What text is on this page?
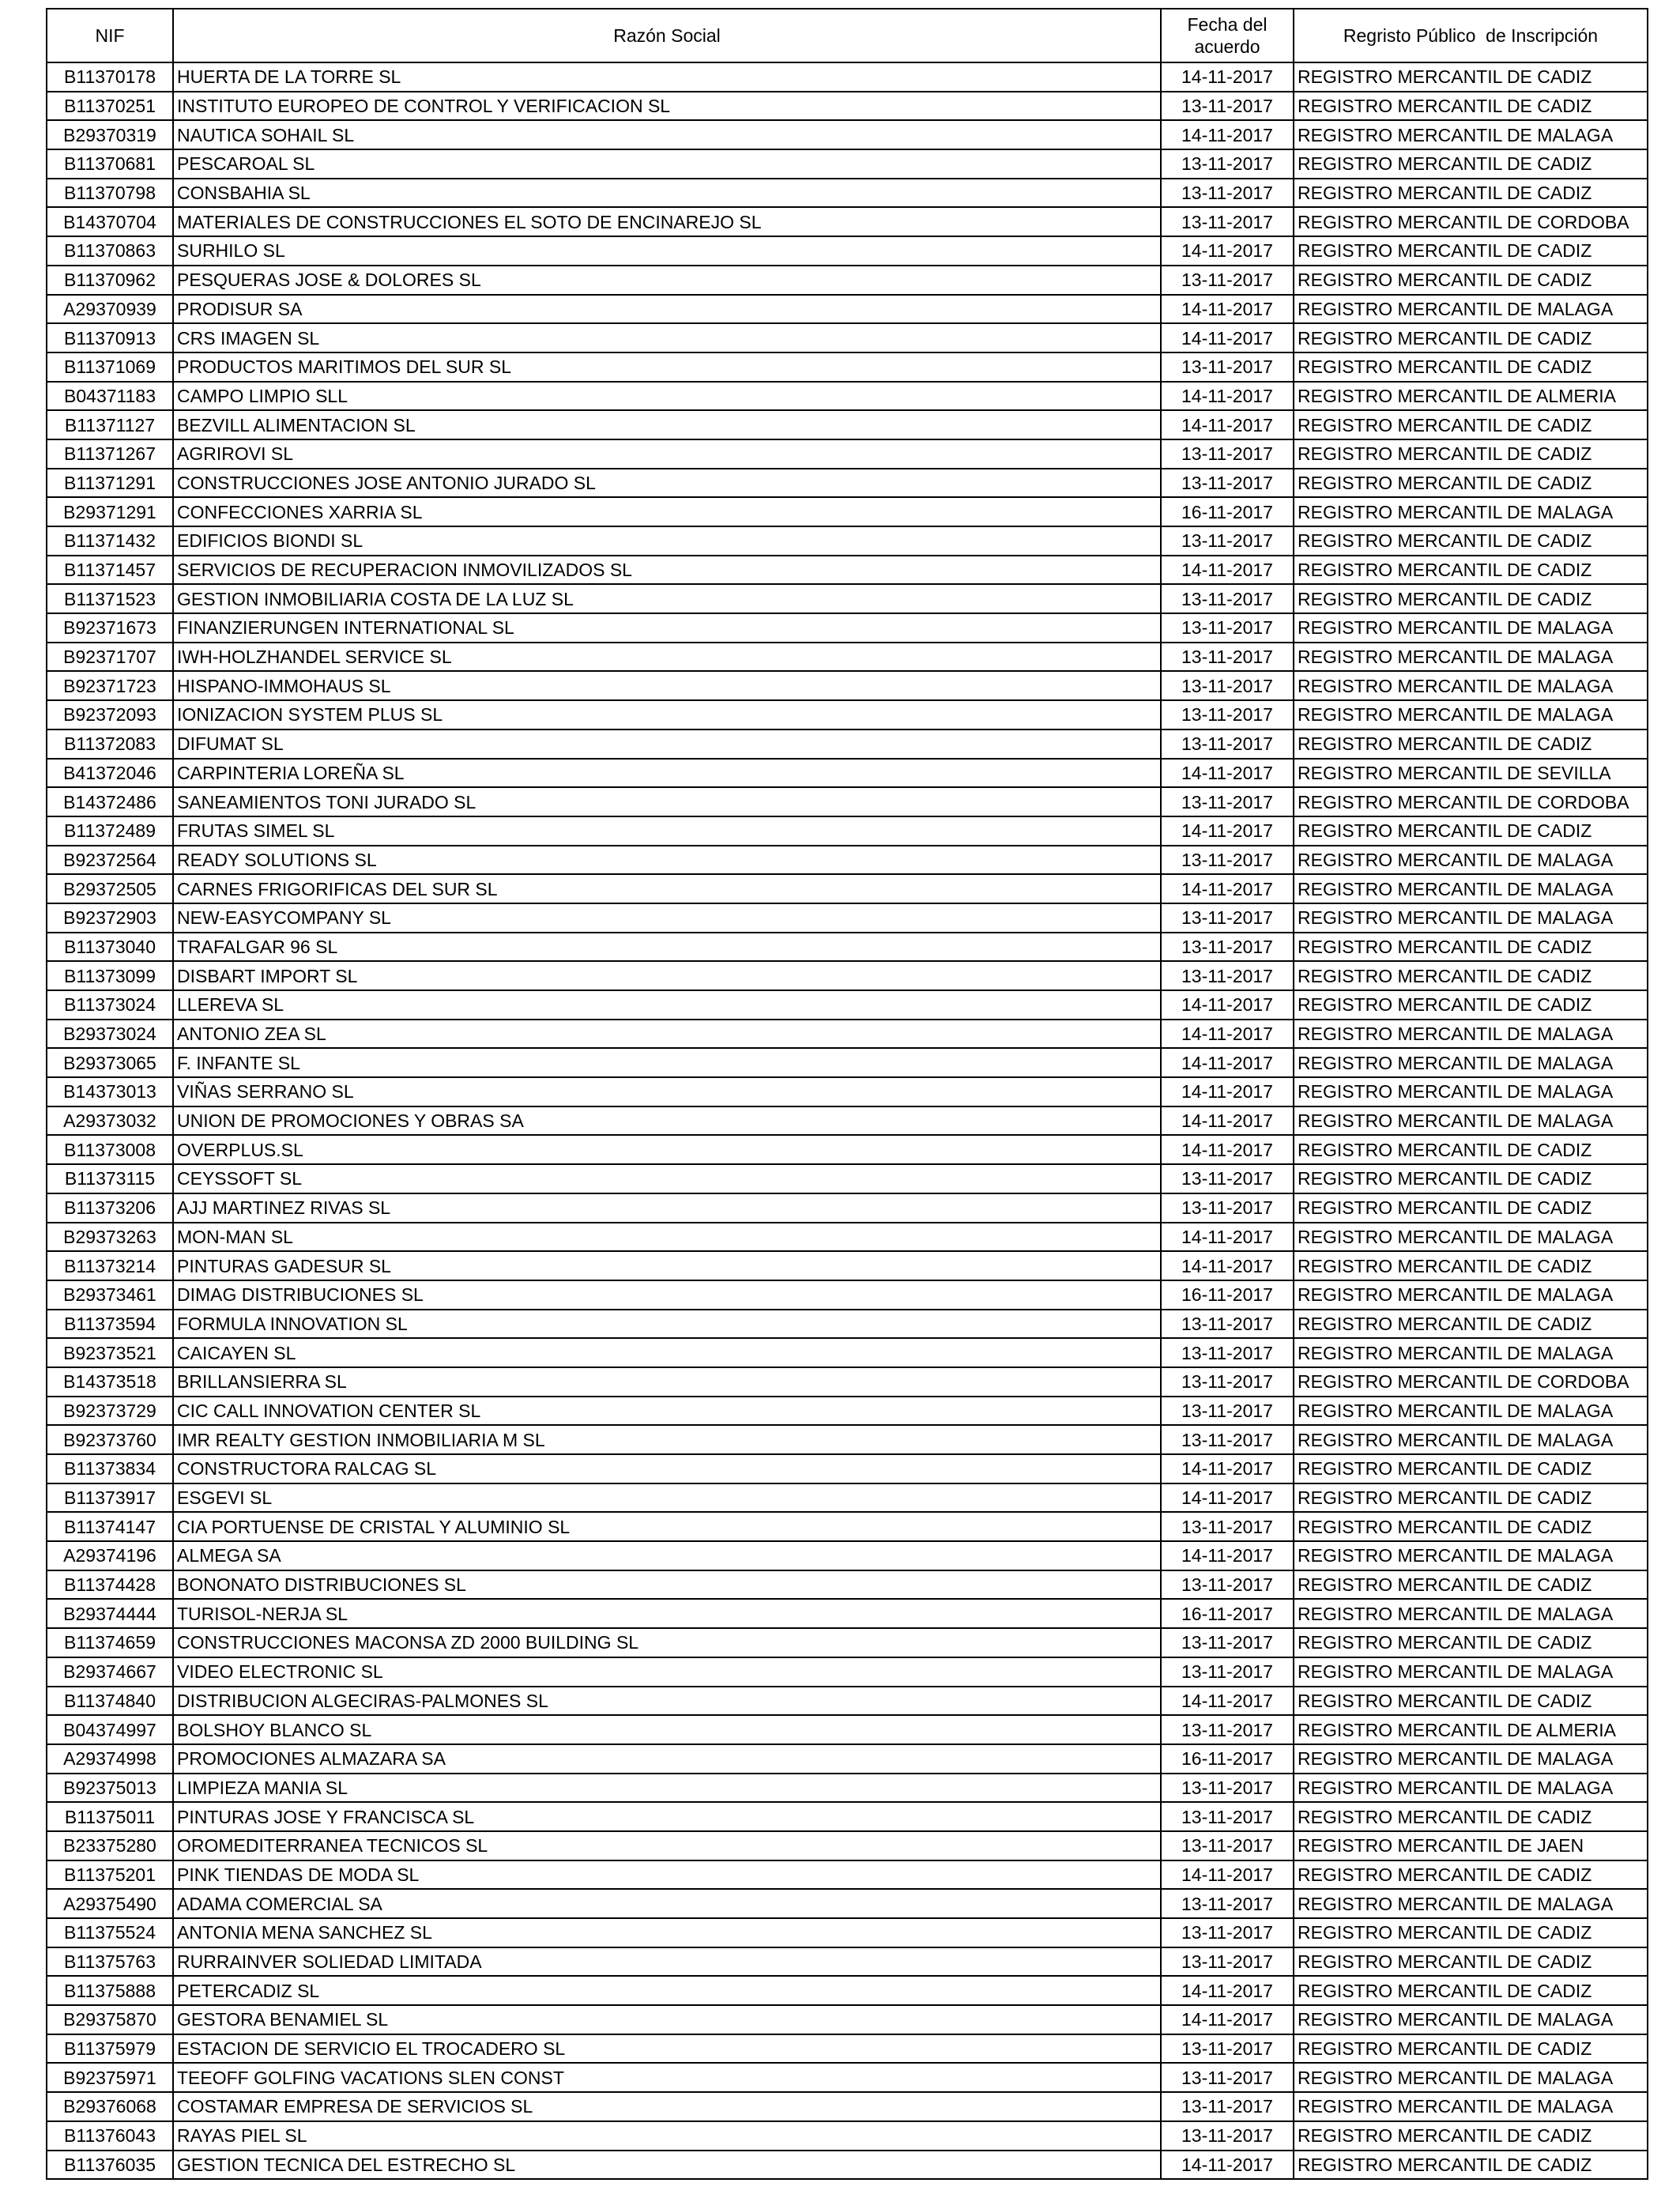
NIF	Razón Social	Fecha del acuerdo	Regristo Público  de Inscripción
B11370178	HUERTA DE LA TORRE SL	14-11-2017	REGISTRO MERCANTIL DE CADIZ
B11370251	INSTITUTO EUROPEO DE CONTROL Y VERIFICACION SL	13-11-2017	REGISTRO MERCANTIL DE CADIZ
B29370319	NAUTICA SOHAIL SL	14-11-2017	REGISTRO MERCANTIL DE MALAGA
B11370681	PESCAROAL SL	13-11-2017	REGISTRO MERCANTIL DE CADIZ
B11370798	CONSBAHIA SL	13-11-2017	REGISTRO MERCANTIL DE CADIZ
B14370704	MATERIALES DE CONSTRUCCIONES EL SOTO DE ENCINAREJO SL	13-11-2017	REGISTRO MERCANTIL DE CORDOBA
B11370863	SURHILO SL	14-11-2017	REGISTRO MERCANTIL DE CADIZ
B11370962	PESQUERAS JOSE & DOLORES SL	13-11-2017	REGISTRO MERCANTIL DE CADIZ
A29370939	PRODISUR SA	14-11-2017	REGISTRO MERCANTIL DE MALAGA
B11370913	CRS IMAGEN SL	14-11-2017	REGISTRO MERCANTIL DE CADIZ
B11371069	PRODUCTOS MARITIMOS DEL SUR SL	13-11-2017	REGISTRO MERCANTIL DE CADIZ
B04371183	CAMPO LIMPIO SLL	14-11-2017	REGISTRO MERCANTIL DE ALMERIA
B11371127	BEZVILL ALIMENTACION SL	14-11-2017	REGISTRO MERCANTIL DE CADIZ
B11371267	AGRIROVI SL	13-11-2017	REGISTRO MERCANTIL DE CADIZ
B11371291	CONSTRUCCIONES JOSE ANTONIO JURADO SL	13-11-2017	REGISTRO MERCANTIL DE CADIZ
B29371291	CONFECCIONES XARRIA SL	16-11-2017	REGISTRO MERCANTIL DE MALAGA
B11371432	EDIFICIOS BIONDI SL	13-11-2017	REGISTRO MERCANTIL DE CADIZ
B11371457	SERVICIOS DE RECUPERACION INMOVILIZADOS SL	14-11-2017	REGISTRO MERCANTIL DE CADIZ
B11371523	GESTION INMOBILIARIA COSTA DE LA LUZ SL	13-11-2017	REGISTRO MERCANTIL DE CADIZ
B92371673	FINANZIERUNGEN INTERNATIONAL SL	13-11-2017	REGISTRO MERCANTIL DE MALAGA
B92371707	IWH-HOLZHANDEL SERVICE SL	13-11-2017	REGISTRO MERCANTIL DE MALAGA
B92371723	HISPANO-IMMOHAUS SL	13-11-2017	REGISTRO MERCANTIL DE MALAGA
B92372093	IONIZACION SYSTEM PLUS SL	13-11-2017	REGISTRO MERCANTIL DE MALAGA
B11372083	DIFUMAT SL	13-11-2017	REGISTRO MERCANTIL DE CADIZ
B41372046	CARPINTERIA LOREÑA SL	14-11-2017	REGISTRO MERCANTIL DE SEVILLA
B14372486	SANEAMIENTOS TONI JURADO SL	13-11-2017	REGISTRO MERCANTIL DE CORDOBA
B11372489	FRUTAS SIMEL SL	14-11-2017	REGISTRO MERCANTIL DE CADIZ
B92372564	READY SOLUTIONS SL	13-11-2017	REGISTRO MERCANTIL DE MALAGA
B29372505	CARNES FRIGORIFICAS DEL SUR SL	14-11-2017	REGISTRO MERCANTIL DE MALAGA
B92372903	NEW-EASYCOMPANY SL	13-11-2017	REGISTRO MERCANTIL DE MALAGA
B11373040	TRAFALGAR 96 SL	13-11-2017	REGISTRO MERCANTIL DE CADIZ
B11373099	DISBART IMPORT SL	13-11-2017	REGISTRO MERCANTIL DE CADIZ
B11373024	LLEREVA SL	14-11-2017	REGISTRO MERCANTIL DE CADIZ
B29373024	ANTONIO ZEA SL	14-11-2017	REGISTRO MERCANTIL DE MALAGA
B29373065	F. INFANTE SL	14-11-2017	REGISTRO MERCANTIL DE MALAGA
B14373013	VIÑAS SERRANO SL	14-11-2017	REGISTRO MERCANTIL DE MALAGA
A29373032	UNION DE PROMOCIONES Y OBRAS SA	14-11-2017	REGISTRO MERCANTIL DE MALAGA
B11373008	OVERPLUS.SL	14-11-2017	REGISTRO MERCANTIL DE CADIZ
B11373115	CEYSSOFT SL	13-11-2017	REGISTRO MERCANTIL DE CADIZ
B11373206	AJJ MARTINEZ RIVAS SL	13-11-2017	REGISTRO MERCANTIL DE CADIZ
B29373263	MON-MAN SL	14-11-2017	REGISTRO MERCANTIL DE MALAGA
B11373214	PINTURAS GADESUR SL	14-11-2017	REGISTRO MERCANTIL DE CADIZ
B29373461	DIMAG DISTRIBUCIONES SL	16-11-2017	REGISTRO MERCANTIL DE MALAGA
B11373594	FORMULA INNOVATION SL	13-11-2017	REGISTRO MERCANTIL DE CADIZ
B92373521	CAICAYEN SL	13-11-2017	REGISTRO MERCANTIL DE MALAGA
B14373518	BRILLANSIERRA SL	13-11-2017	REGISTRO MERCANTIL DE CORDOBA
B92373729	CIC CALL INNOVATION CENTER SL	13-11-2017	REGISTRO MERCANTIL DE MALAGA
B92373760	IMR REALTY GESTION INMOBILIARIA M SL	13-11-2017	REGISTRO MERCANTIL DE MALAGA
B11373834	CONSTRUCTORA RALCAG SL	14-11-2017	REGISTRO MERCANTIL DE CADIZ
B11373917	ESGEVI SL	14-11-2017	REGISTRO MERCANTIL DE CADIZ
B11374147	CIA PORTUENSE DE CRISTAL Y ALUMINIO SL	13-11-2017	REGISTRO MERCANTIL DE CADIZ
A29374196	ALMEGA SA	14-11-2017	REGISTRO MERCANTIL DE MALAGA
B11374428	BONONATO DISTRIBUCIONES SL	13-11-2017	REGISTRO MERCANTIL DE CADIZ
B29374444	TURISOL-NERJA SL	16-11-2017	REGISTRO MERCANTIL DE MALAGA
B11374659	CONSTRUCCIONES MACONSA ZD 2000 BUILDING SL	13-11-2017	REGISTRO MERCANTIL DE CADIZ
B29374667	VIDEO ELECTRONIC SL	13-11-2017	REGISTRO MERCANTIL DE MALAGA
B11374840	DISTRIBUCION ALGECIRAS-PALMONES SL	14-11-2017	REGISTRO MERCANTIL DE CADIZ
B04374997	BOLSHOY BLANCO SL	13-11-2017	REGISTRO MERCANTIL DE ALMERIA
A29374998	PROMOCIONES ALMAZARA SA	16-11-2017	REGISTRO MERCANTIL DE MALAGA
B92375013	LIMPIEZA MANIA SL	13-11-2017	REGISTRO MERCANTIL DE MALAGA
B11375011	PINTURAS JOSE Y FRANCISCA SL	13-11-2017	REGISTRO MERCANTIL DE CADIZ
B23375280	OROMEDITERRANEA TECNICOS SL	13-11-2017	REGISTRO MERCANTIL DE JAEN
B11375201	PINK TIENDAS DE MODA SL	14-11-2017	REGISTRO MERCANTIL DE CADIZ
A29375490	ADAMA COMERCIAL SA	13-11-2017	REGISTRO MERCANTIL DE MALAGA
B11375524	ANTONIA MENA SANCHEZ SL	13-11-2017	REGISTRO MERCANTIL DE CADIZ
B11375763	RURRAINVER SOLIEDAD LIMITADA	13-11-2017	REGISTRO MERCANTIL DE CADIZ
B11375888	PETERCADIZ SL	14-11-2017	REGISTRO MERCANTIL DE CADIZ
B29375870	GESTORA BENAMIEL SL	14-11-2017	REGISTRO MERCANTIL DE MALAGA
B11375979	ESTACION DE SERVICIO EL TROCADERO SL	13-11-2017	REGISTRO MERCANTIL DE CADIZ
B92375971	TEEOFF GOLFING VACATIONS SLEN CONST	13-11-2017	REGISTRO MERCANTIL DE MALAGA
B29376068	COSTAMAR EMPRESA DE SERVICIOS SL	13-11-2017	REGISTRO MERCANTIL DE MALAGA
B11376043	RAYAS PIEL SL	13-11-2017	REGISTRO MERCANTIL DE CADIZ
B11376035	GESTION TECNICA DEL ESTRECHO SL	14-11-2017	REGISTRO MERCANTIL DE CADIZ
